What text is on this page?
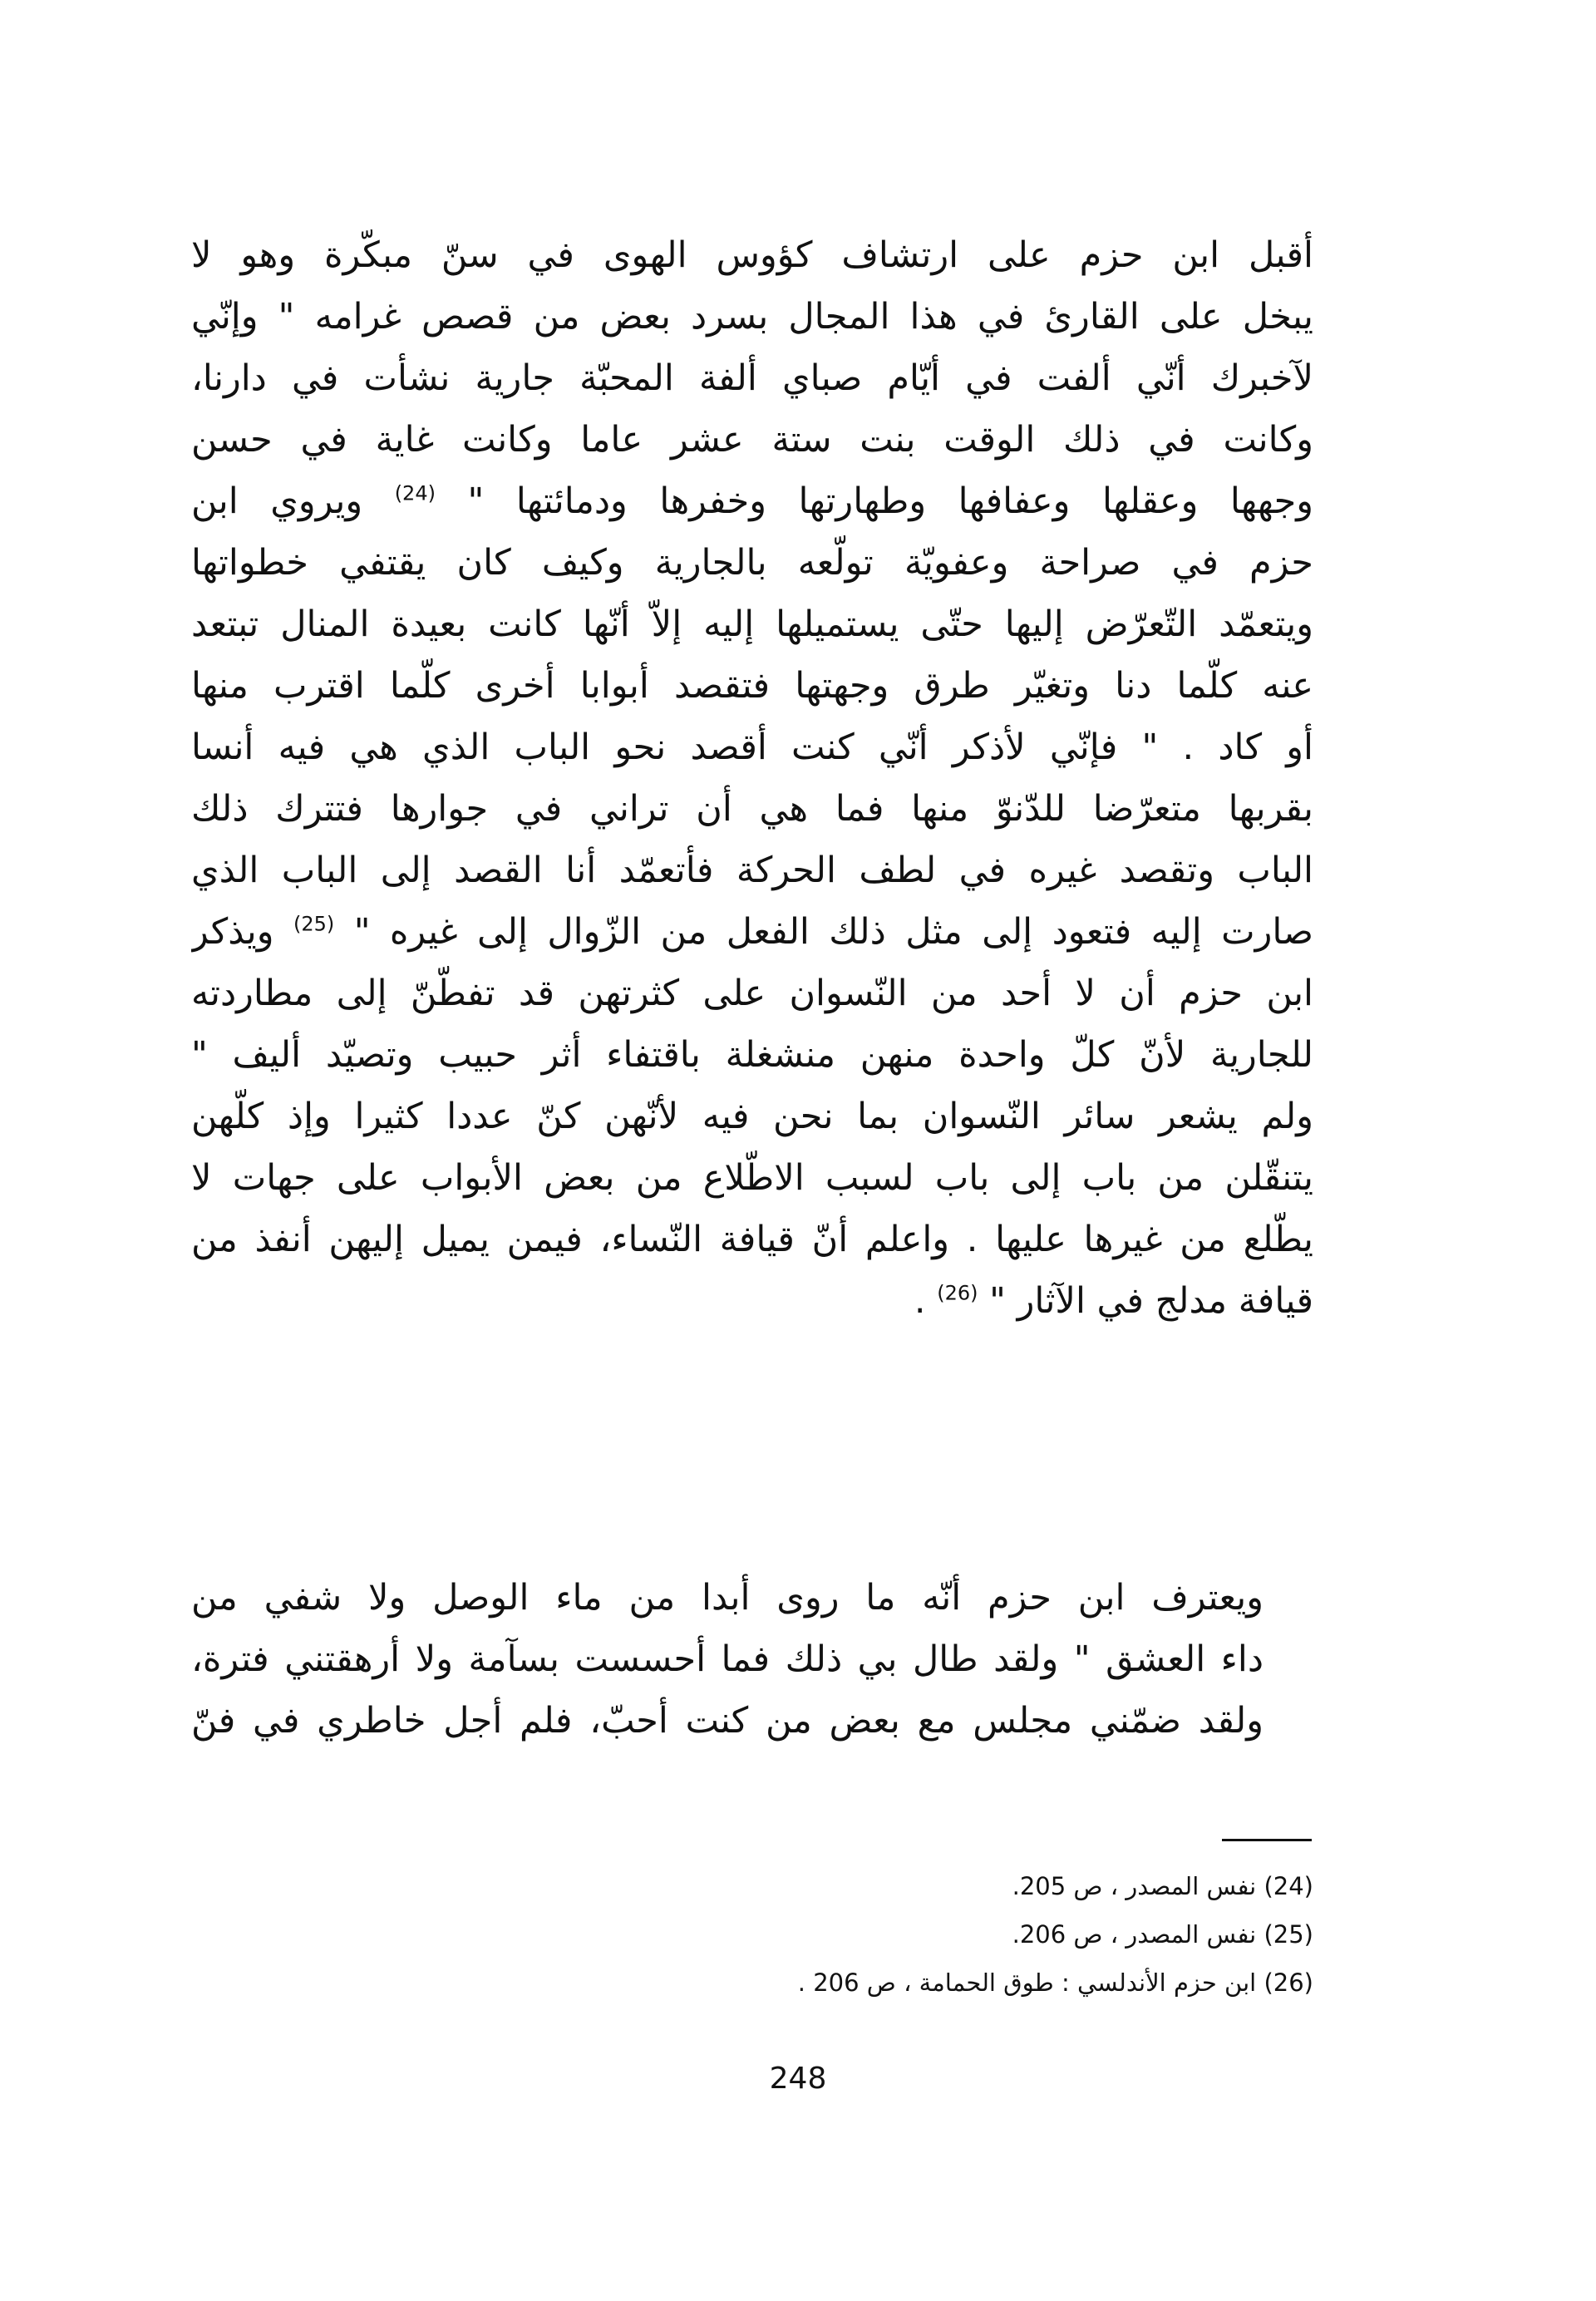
أقبل ابن حزم على ارتشاف كؤوس الهوى في سنّ مبكّرة وهو لا
يبخل على القارئ في هذا المجال بسرد بعض من قصص غرامه " وإنّي
لآخبرك أنّي ألفت في أيّام صباي ألفة المحبّة جارية نشأت في دارنا،
وكانت في ذلك الوقت بنت ستة عشر عاما وكانت غاية في حسن
وجهها وعقلها وعفافها وطهارتها وخفرها ودمائتها " $^{(24)}$ ويروي ابن
حزم في صراحة وعفويّة تولّعه بالجارية وكيف كان يقتفي خطواتها
ويتعمّد التّعرّض إليها حتّى يستميلها إليه إلاّ أنّها كانت بعيدة المنال تبتعد
عنه كلّما دنا وتغيّر طرق وجهتها فتقصد أبوابا أخرى كلّما اقترب منها
أو كاد . " فإنّي لأذكر أنّي كنت أقصد نحو الباب الذي هي فيه أنسا
بقربها متعرّضا للدّنوّ منها فما هي أن تراني في جوارها فتترك ذلك
الباب وتقصد غيره في لطف الحركة فأتعمّد أنا القصد إلى الباب الذي
صارت إليه فتعود إلى مثل ذلك الفعل من الزّوال إلى غيره " $^{(25)}$ ويذكر
ابن حزم أن لا أحد من النّسوان على كثرتهن قد تفطّنّ إلى مطاردته
للجارية لأنّ كلّ واحدة منهن منشغلة باقتفاء أثر حبيب وتصيّد أليف "
ولم يشعر سائر النّسوان بما نحن فيه لأنّهن كنّ عددا كثيرا وإذ كلّهن
يتنقّلن من باب إلى باب لسبب الاطّلاع من بعض الأبواب على جهات لا
يطّلع من غيرها عليها . واعلم أنّ قيافة النّساء، فيمن يميل إليهن أنفذ من
قيافة مدلج في الآثار " $^{(26)}$ .
ويعترف ابن حزم أنّه ما روى أبدا من ماء الوصل ولا شفي من
داء العشق " ولقد طال بي ذلك فما أحسست بسآمة ولا أرهقتني فترة،
ولقد ضمّني مجلس مع بعض من كنت أحبّ، فلم أجل خاطري في فنّ
(24) نفس المصدر ، ص 205.
(25) نفس المصدر ، ص 206.
(26) ابن حزم الأندلسي : طوق الحمامة ، ص 206 .
248
